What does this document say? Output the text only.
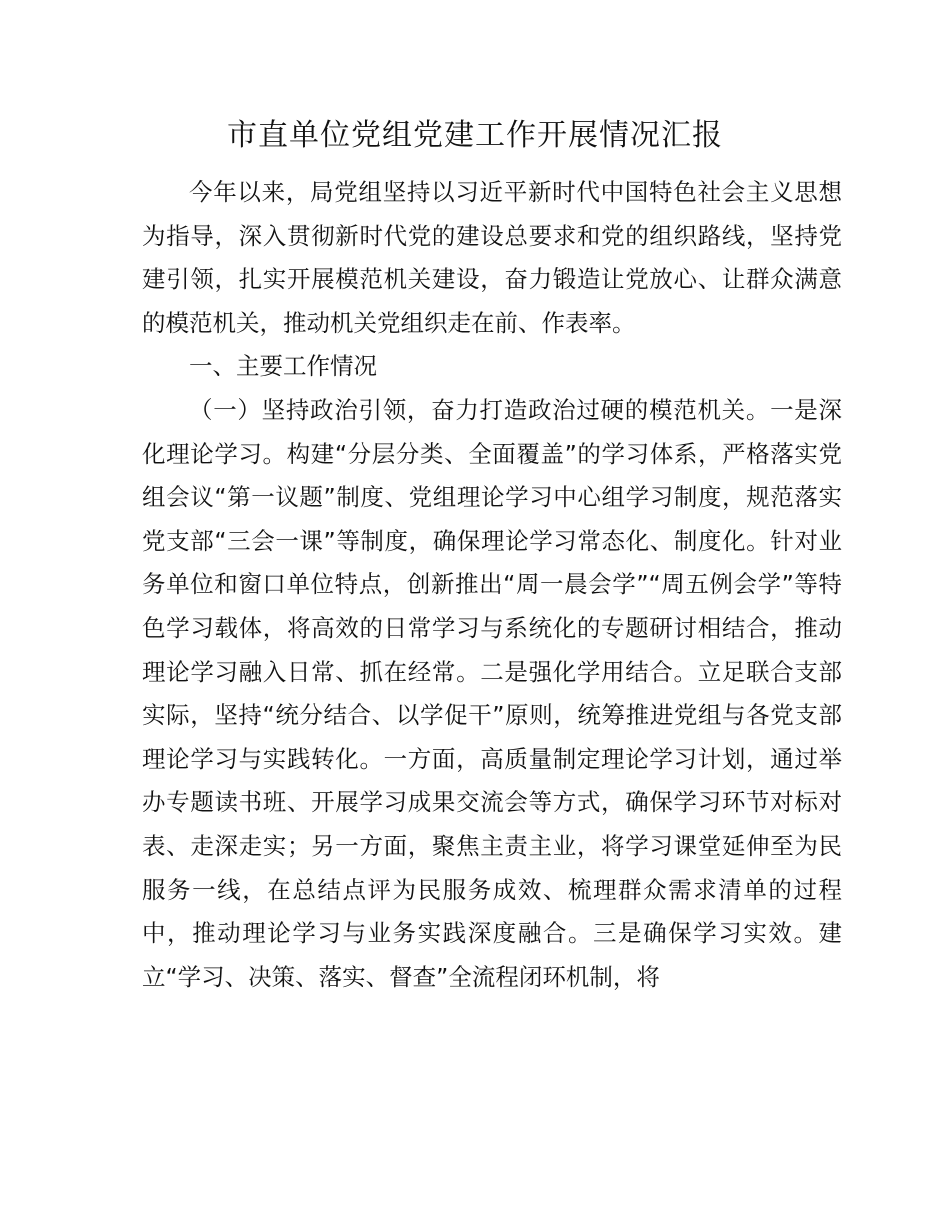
市直单位党组党建工作开展情况汇报

今年以来，局党组坚持以习近平新时代中国特色社会主义思想为指导，深入贯彻新时代党的建设总要求和党的组织路线，坚持党建引领，扎实开展模范机关建设，奋力锻造让党放心、让群众满意的模范机关，推动机关党组织走在前、作表率。

一、主要工作情况

（一）坚持政治引领，奋力打造政治过硬的模范机关。一是深化理论学习。构建“分层分类、全面覆盖”的学习体系，严格落实党组会议“第一议题”制度、党组理论学习中心组学习制度，规范落实党支部“三会一课”等制度，确保理论学习常态化、制度化。针对业务单位和窗口单位特点，创新推出“周一晨会学”“周五例会学”等特色学习载体，将高效的日常学习与系统化的专题研讨相结合，推动理论学习融入日常、抓在经常。二是强化学用结合。立足联合支部实际，坚持“统分结合、以学促干”原则，统筹推进党组与各党支部理论学习与实践转化。一方面，高质量制定理论学习计划，通过举办专题读书班、开展学习成果交流会等方式，确保学习环节对标对表、走深走实；另一方面，聚焦主责主业，将学习课堂延伸至为民服务一线，在总结点评为民服务成效、梳理群众需求清单的过程中，推动理论学习与业务实践深度融合。三是确保学习实效。建立“学习、决策、落实、督查”全流程闭环机制，将
